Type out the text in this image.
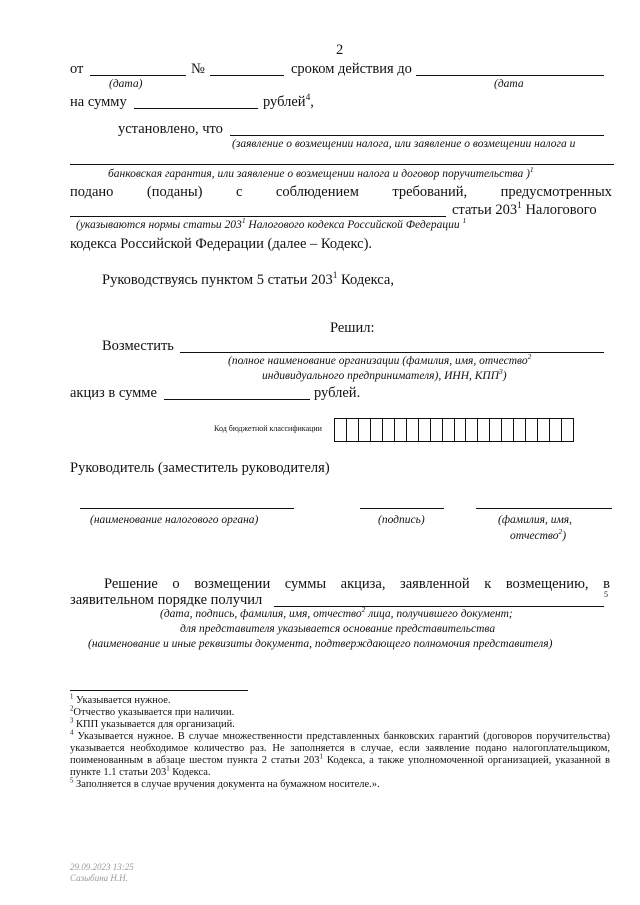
2
от	№	сроком действия до
(дата)	(дата
на сумму	рублей$^4$,
установлено, что
(заявление о возмещении налога, или заявление о возмещении налога и
банковская гарантия, или заявление о возмещении налога и договор поручительства )$^1$
подано (поданы) с соблюдением требований, предусмотренных
статьи $203^1$ Налогового
(указываются нормы статьи $203^1$ Налогового кодекса Российской Федерации $^1$
кодекса Российской Федерации (далее – Кодекс).
Руководствуясь пунктом 5 статьи $203^1$ Кодекса,
Решил:
Возместить
(полное наименование организации (фамилия, имя, отчество$^2$
индивидуального предпринимателя), ИНН, КПП$^3$)
акциз в сумме	рублей.
Код бюджетной классификации
Руководитель (заместитель руководителя)
(наименование налогового органа)	(подпись)	(фамилия, имя,
отчество$^2$)
Решение о возмещении суммы акциза, заявленной к возмещению, в
заявительном порядке получил	5
(дата, подпись, фамилия, имя, отчество$^2$ лица, получившего документ;
для представителя указывается основание представительства
(наименование и иные реквизиты документа, подтверждающего полномочия представителя)

$^1$ Указывается нужное.

$^2$Отчество указывается при наличии.

$^3$ КПП указывается для организаций.

$^4$ Указывается нужное. В случае множественности представленных банковских гарантий (договоров поручительства) указывается необходимое количество раз. Не заполняется в случае, если заявление подано налогоплательщиком, поименованным в абзаце шестом пункта 2 статьи $203^1$ Кодекса, а также уполномоченной организацией, указанной в пункте 1.1 статьи $203^1$ Кодекса.

$^5$ Заполняется в случае вручения документа на бумажном носителе.».

29.09.2023 13:25
Сазыбина Н.Н.
